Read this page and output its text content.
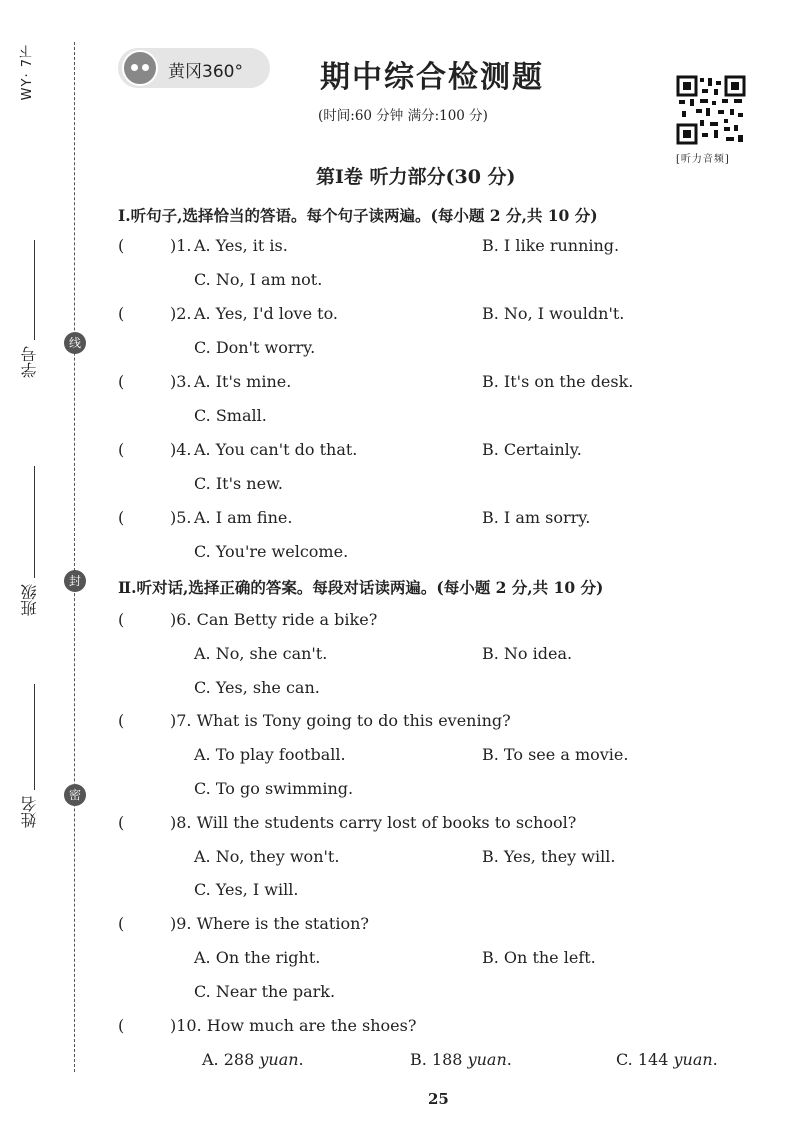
WY· 7下
学号
班级
姓名
线
封
密
黄冈360°	期中综合检测题
(时间:60 分钟 满分:100 分)
[听力音频]
第Ⅰ卷 听力部分(30 分)
Ⅰ.听句子,选择恰当的答语。每个句子读两遍。(每小题 2 分,共 10 分)
(	)1. A. Yes, it is.	B. I like running.
C. No, I am not.
(	)2. A. Yes, I'd love to.	B. No, I wouldn't.
C. Don't worry.
(	)3. A. It's mine.	B. It's on the desk.
C. Small.
(	)4. A. You can't do that.	B. Certainly.
C. It's new.
(	)5. A. I am fine.	B. I am sorry.
C. You're welcome.
Ⅱ.听对话,选择正确的答案。每段对话读两遍。(每小题 2 分,共 10 分)
(	)6. Can Betty ride a bike?
A. No, she can't.	B. No idea.
C. Yes, she can.
(	)7. What is Tony going to do this evening?
A. To play football.	B. To see a movie.
C. To go swimming.
(	)8. Will the students carry lost of books to school?
A. No, they won't.	B. Yes, they will.
C. Yes, I will.
(	)9. Where is the station?
A. On the right.	B. On the left.
C. Near the park.
(	)10. How much are the shoes?
A. 288 yuan.	B. 188 yuan.	C. 144 yuan.
25
